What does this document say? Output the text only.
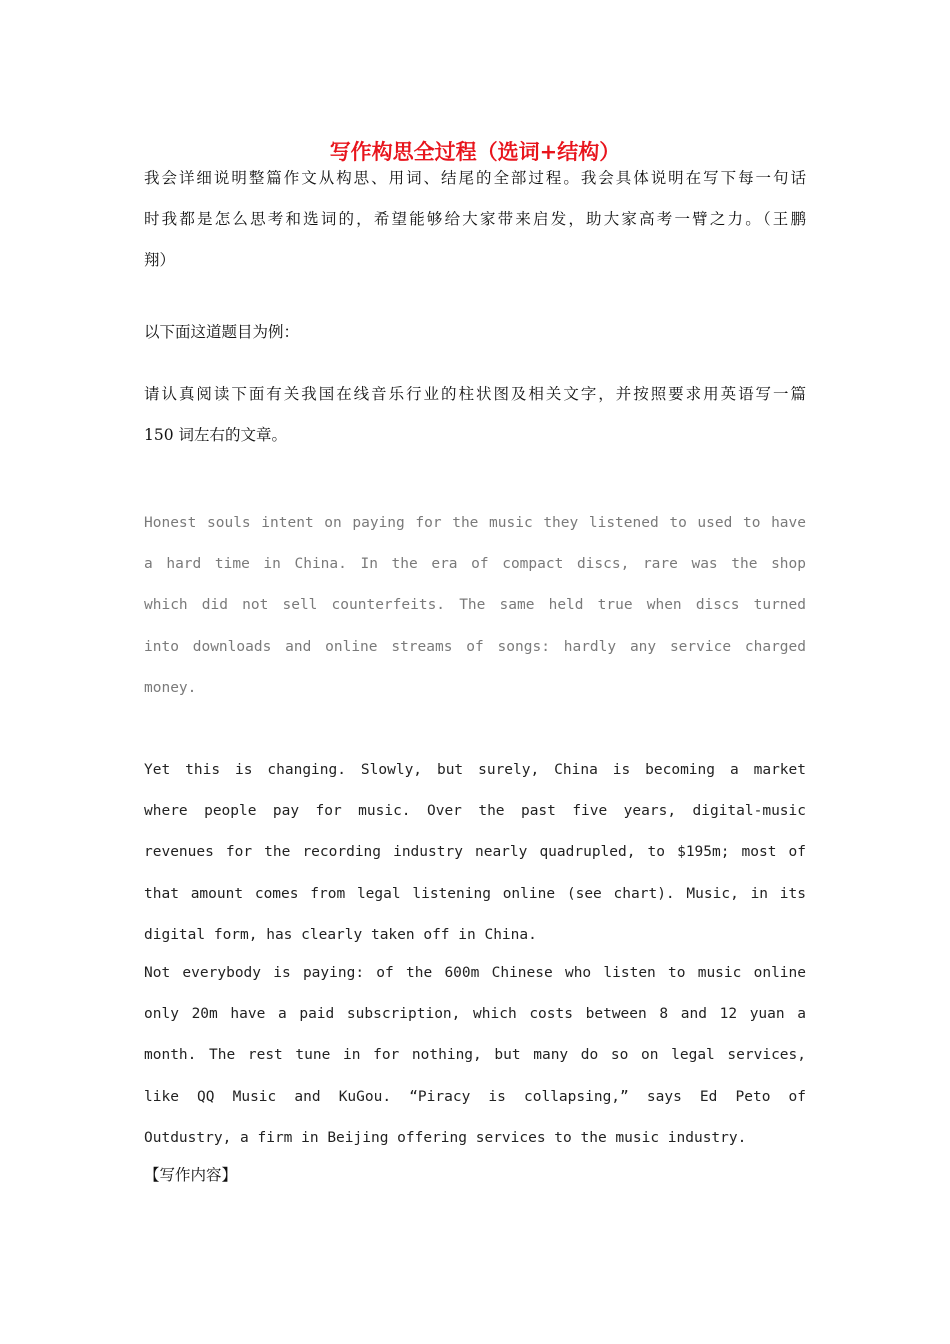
写作构思全过程（选词+结构）
我会详细说明整篇作文从构思、用词、结尾的全部过程。我会具体说明在写下每一句话
时我都是怎么思考和选词的，希望能够给大家带来启发，助大家高考一臂之力。（王鹏
翔）
以下面这道题目为例：
请认真阅读下面有关我国在线音乐行业的柱状图及相关文字，并按照要求用英语写一篇
150 词左右的文章。
Honest souls intent on paying for the music they listened to used to have
a hard time in China. In the era of compact discs, rare was the shop
which did not sell counterfeits. The same held true when discs turned
into downloads and online streams of songs: hardly any service charged
money.
Yet this is changing. Slowly, but surely, China is becoming a market
where people pay for music. Over the past five years, digital-music
revenues for the recording industry nearly quadrupled, to $195m; most of
that amount comes from legal listening online (see chart). Music, in its
digital form, has clearly taken off in China.
Not everybody is paying: of the 600m Chinese who listen to music online
only 20m have a paid subscription, which costs between 8 and 12 yuan a
month. The rest tune in for nothing, but many do so on legal services,
like QQ Music and KuGou. “Piracy is collapsing,” says Ed Peto of
Outdustry, a firm in Beijing offering services to the music industry.
【写作内容】
